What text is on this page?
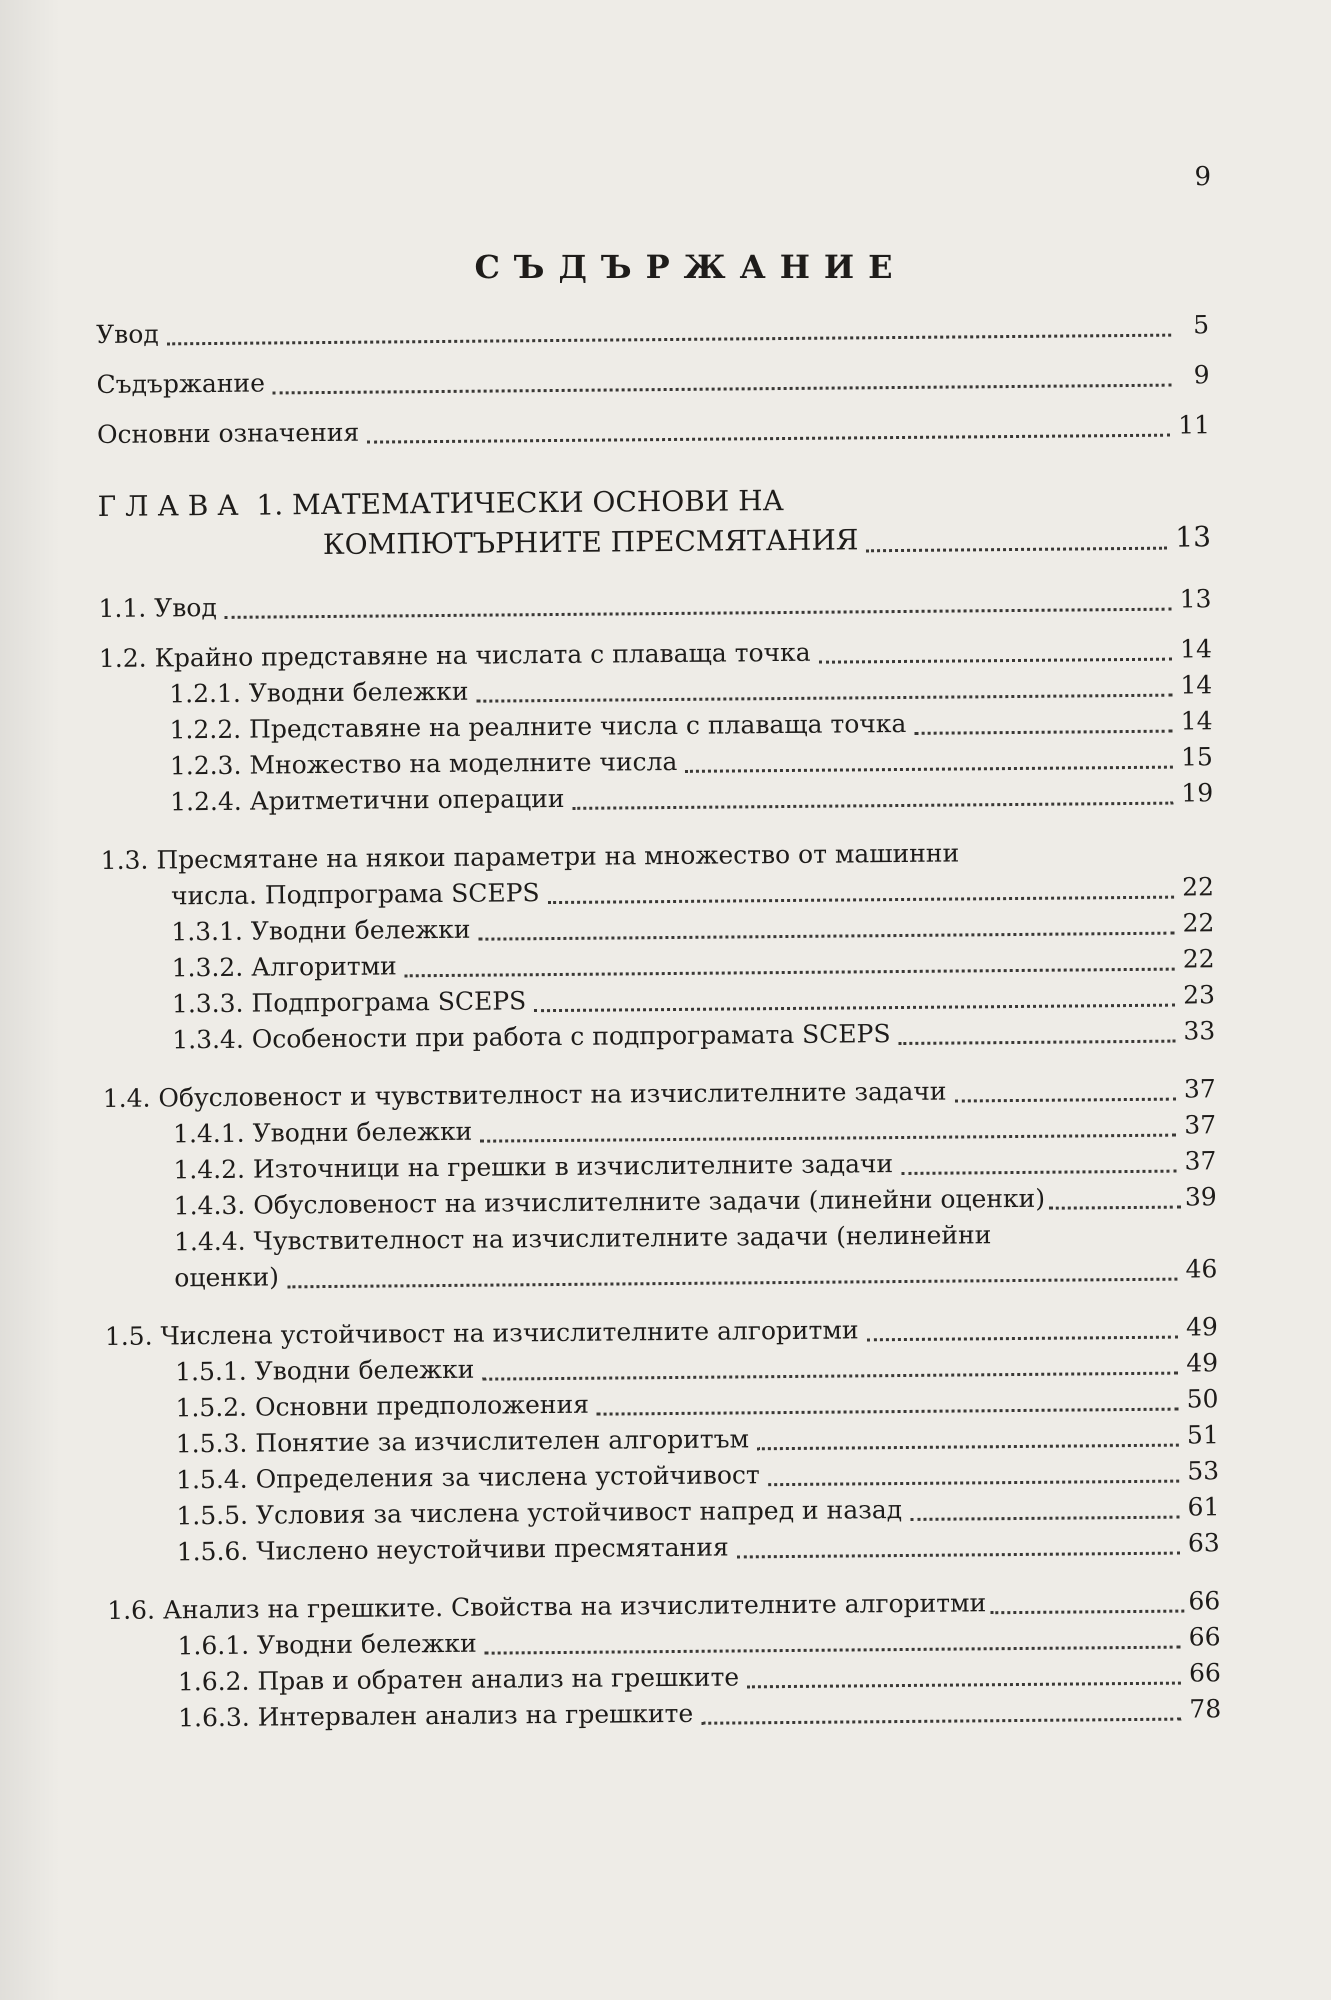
9
СЪДЪРЖАНИЕ
Увод	5
Съдържание	9
Основни означения	11
ГЛАВА 1. МАТЕМАТИЧЕСКИ ОСНОВИ НА
КОМПЮТЪРНИТЕ ПРЕСМЯТАНИЯ	13
1.1. Увод	13
1.2. Крайно представяне на числата с плаваща точка	14
1.2.1. Уводни бележки	14
1.2.2. Представяне на реалните числа с плаваща точка	14
1.2.3. Множество на моделните числа	15
1.2.4. Аритметични операции	19
1.3. Пресмятане на някои параметри на множество от машинни
числа. Подпрограма SCEPS	22
1.3.1. Уводни бележки	22
1.3.2. Алгоритми	22
1.3.3. Подпрограма SCEPS	23
1.3.4. Особености при работа с подпрограмата SCEPS	33
1.4. Обусловеност и чувствителност на изчислителните задачи	37
1.4.1. Уводни бележки	37
1.4.2. Източници на грешки в изчислителните задачи	37
1.4.3. Обусловеност на изчислителните задачи (линейни оценки)	39
1.4.4. Чувствителност на изчислителните задачи (нелинейни
оценки)	46
1.5. Числена устойчивост на изчислителните алгоритми	49
1.5.1. Уводни бележки	49
1.5.2. Основни предположения	50
1.5.3. Понятие за изчислителен алгоритъм	51
1.5.4. Определения за числена устойчивост	53
1.5.5. Условия за числена устойчивост напред и назад	61
1.5.6. Числено неустойчиви пресмятания	63
1.6. Анализ на грешките. Свойства на изчислителните алгоритми	66
1.6.1. Уводни бележки	66
1.6.2. Прав и обратен анализ на грешките	66
1.6.3. Интервален анализ на грешките	78
